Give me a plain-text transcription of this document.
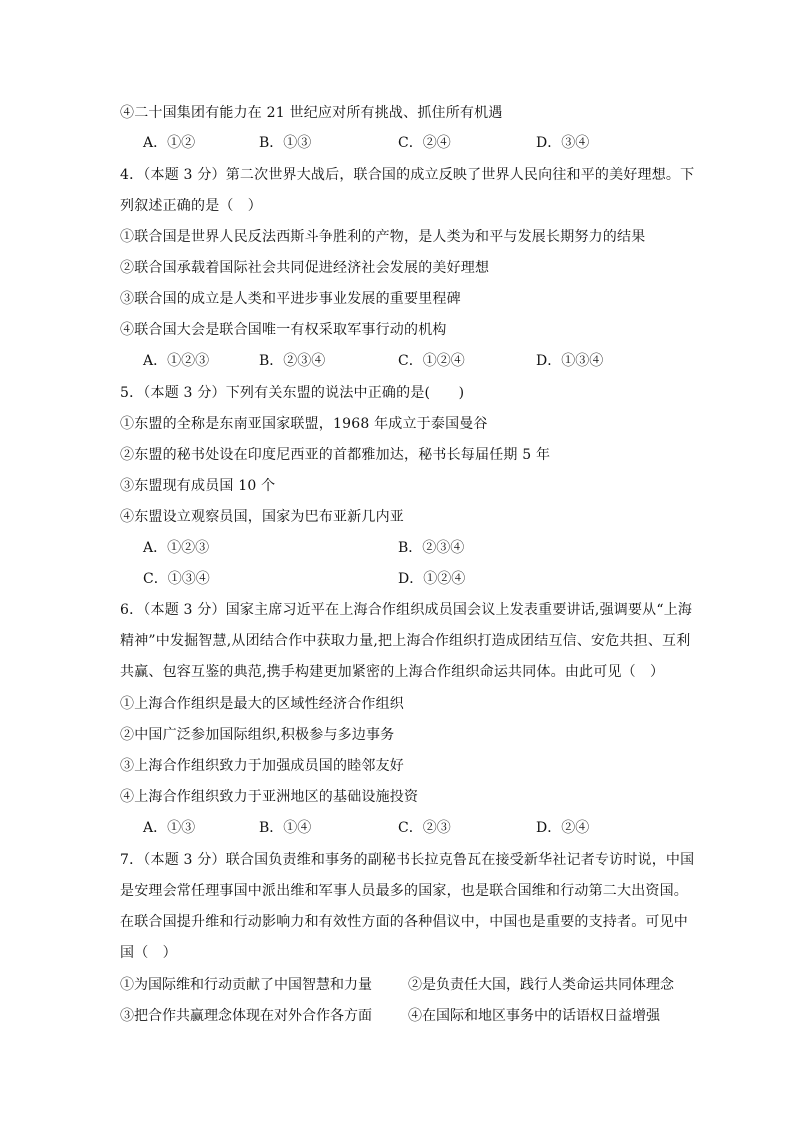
④二十国集团有能力在 21 世纪应对所有挑战、抓住所有机遇
A．①②	B．①③	C．②④	D．③④
4．（本题 3 分）第二次世界大战后，联合国的成立反映了世界人民向往和平的美好理想。下
列叙述正确的是（　）
①联合国是世界人民反法西斯斗争胜利的产物，是人类为和平与发展长期努力的结果
②联合国承载着国际社会共同促进经济社会发展的美好理想
③联合国的成立是人类和平进步事业发展的重要里程碑
④联合国大会是联合国唯一有权采取军事行动的机构
A．①②③	B．②③④	C．①②④	D．①③④
5．（本题 3 分）下列有关东盟的说法中正确的是(　　)
①东盟的全称是东南亚国家联盟，1968 年成立于泰国曼谷
②东盟的秘书处设在印度尼西亚的首都雅加达，秘书长每届任期 5 年
③东盟现有成员国 10 个
④东盟设立观察员国，国家为巴布亚新几内亚
A．①②③	B．②③④
C．①③④	D．①②④
6．（本题 3 分）国家主席习近平在上海合作组织成员国会议上发表重要讲话,强调要从“上海
精神”中发掘智慧,从团结合作中获取力量,把上海合作组织打造成团结互信、安危共担、互利
共赢、包容互鉴的典范,携手构建更加紧密的上海合作组织命运共同体。由此可见（　）
①上海合作组织是最大的区域性经济合作组织
②中国广泛参加国际组织,积极参与多边事务
③上海合作组织致力于加强成员国的睦邻友好
④上海合作组织致力于亚洲地区的基础设施投资
A．①③	B．①④	C．②③	D．②④
7．（本题 3 分）联合国负责维和事务的副秘书长拉克鲁瓦在接受新华社记者专访时说，中国
是安理会常任理事国中派出维和军事人员最多的国家，也是联合国维和行动第二大出资国。
在联合国提升维和行动影响力和有效性方面的各种倡议中，中国也是重要的支持者。可见中
国（　）
①为国际维和行动贡献了中国智慧和力量	②是负责任大国，践行人类命运共同体理念
③把合作共赢理念体现在对外合作各方面	④在国际和地区事务中的话语权日益增强
